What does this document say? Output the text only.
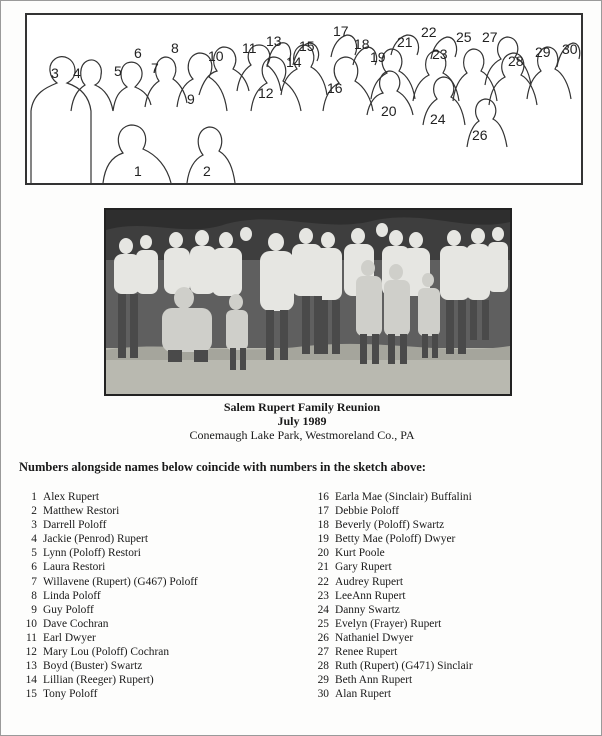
1	2
3 4 5
6
7
8
9
10 11
12
13
14
15
16
17
18
19
20
21
22
23
24
25
26
27
28
29 30
Salem Rupert Family Reunion
July 1989
Conemaugh Lake Park, Westmoreland Co., PA
Numbers alongside names below coincide with numbers in the sketch above:
1 Alex Rupert
2 Matthew Restori
3 Darrell Poloff
4 Jackie (Penrod) Rupert
5 Lynn (Poloff) Restori
6 Laura Restori
7 Willavene (Rupert) (G467) Poloff
8 Linda Poloff
9 Guy Poloff
10 Dave Cochran
11 Earl Dwyer
12 Mary Lou (Poloff) Cochran
13 Boyd (Buster) Swartz
14 Lillian (Reeger) Rupert)
15 Tony Poloff
16 Earla Mae (Sinclair) Buffalini
17 Debbie Poloff
18 Beverly (Poloff) Swartz
19 Betty Mae (Poloff) Dwyer
20 Kurt Poole
21 Gary Rupert
22 Audrey Rupert
23 LeeAnn Rupert
24 Danny Swartz
25 Evelyn (Frayer) Rupert
26 Nathaniel Dwyer
27 Renee Rupert
28 Ruth (Rupert) (G471) Sinclair
29 Beth Ann Rupert
30 Alan Rupert
